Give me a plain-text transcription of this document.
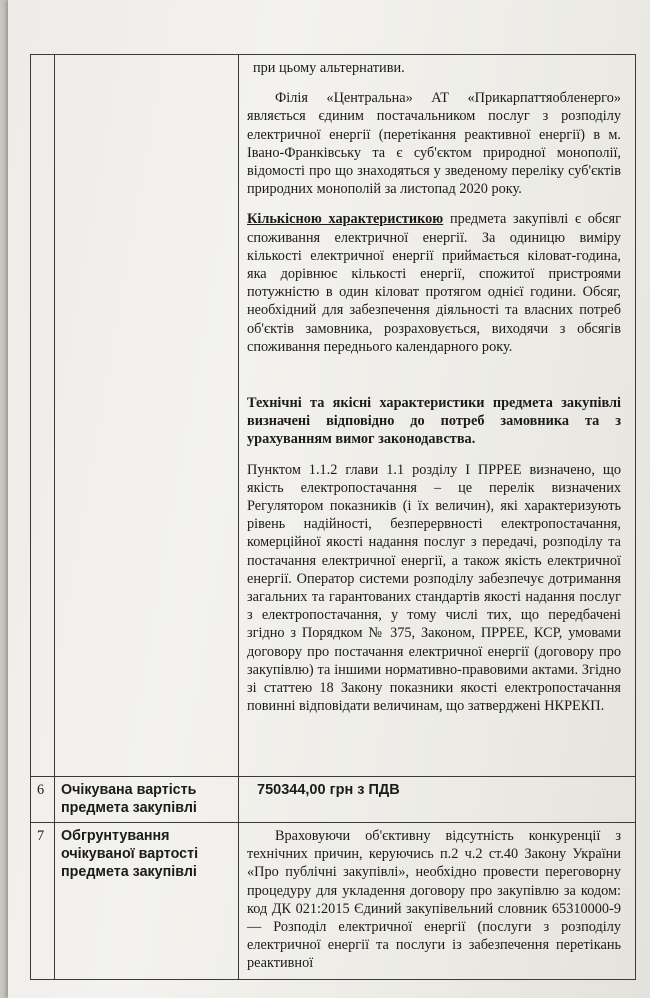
		при цьому альтернативи.

Філія «Центральна» АТ «Прикарпаттяобленерго» являється єдиним постачальником послуг з розподілу електричної енергії (перетікання реактивної енергії) в м. Івано-Франківську та є суб'єктом природної монополії, відомості про що знаходяться у зведеному переліку суб'єктів природних монополій за листопад 2020 року.

Кількісною характеристикою предмета закупівлі є обсяг споживання електричної енергії. За одиницю виміру кількості електричної енергії приймається кіловат-година, яка дорівнює кількості енергії, спожитої пристроями потужністю в один кіловат протягом однієї години. Обсяг, необхідний для забезпечення діяльності та власних потреб об'єктів замовника, розраховується, виходячи з обсягів споживання переднього календарного року.

Технічні та якісні характеристики предмета закупівлі визначені відповідно до потреб замовника та з урахуванням вимог законодавства.

Пунктом 1.1.2 глави 1.1 розділу I ПРРЕЕ визначено, що якість електропостачання – це перелік визначених Регулятором показників (і їх величин), які характеризують рівень надійності, безперервності електропостачання, комерційної якості надання послуг з передачі, розподілу та постачання електричної енергії, а також якість електричної енергії. Оператор системи розподілу забезпечує дотримання загальних та гарантованих стандартів якості надання послуг з електропостачання, у тому числі тих, що передбачені згідно з Порядком № 375, Законом, ПРРЕЕ, КСР, умовами договору про постачання електричної енергії (договору про закупівлю) та іншими нормативно-правовими актами. Згідно зі статтею 18 Закону показники якості електропостачання повинні відповідати величинам, що затверджені НКРЕКП.

6	Очікувана вартість предмета закупівлі	750344,00 грн з ПДВ
7	Обгрунтування очікуваної вартості предмета закупівлі	Враховуючи об'єктивну відсутність конкуренції з технічних причин, керуючись п.2 ч.2 ст.40 Закону України «Про публічні закупівлі», необхідно провести переговорну процедуру для укладення договору про закупівлю за кодом: код ДК 021:2015 Єдиний закупівельний словник 65310000-9 — Розподіл електричної енергії (послуги з розподілу електричної енергії та послуги із забезпечення перетікань реактивної
